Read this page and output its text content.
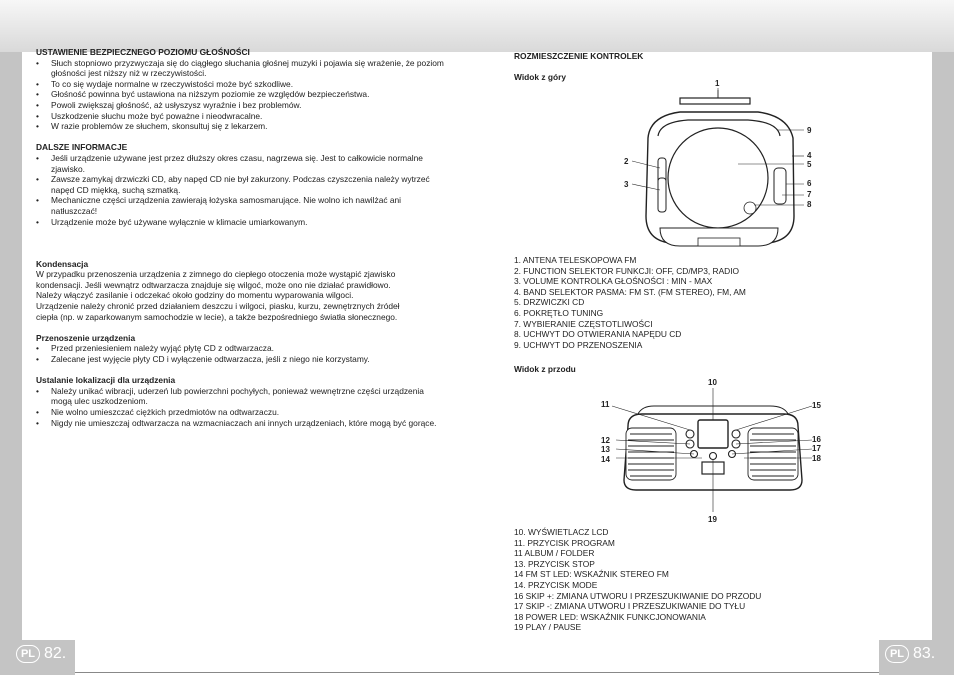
PL 82.	PL 83.

USTAWIENIE BEZPIECZNEGO POZIOMU GŁOŚNOŚCI

• Słuch stopniowo przyzwyczaja się do ciągłego słuchania głośnej muzyki i pojawia się wrażenie, że poziom głośności jest niższy niż w rzeczywistości.
• To co się wydaje normalne w rzeczywistości może być szkodliwe.
• Głośność powinna być ustawiona na niższym poziomie ze względów bezpieczeństwa.
• Powoli zwiększaj głośność, aż usłyszysz wyraźnie i bez problemów.
• Uszkodzenie słuchu może być poważne i nieodwracalne.
• W razie problemów ze słuchem, skonsultuj się z lekarzem.

DALSZE INFORMACJE

• Jeśli urządzenie używane jest przez dłuższy okres czasu, nagrzewa się. Jest to całkowicie normalne zjawisko.
• Zawsze zamykaj drzwiczki CD, aby napęd CD nie był zakurzony. Podczas czyszczenia należy wytrzeć napęd CD miękką, suchą szmatką.
• Mechaniczne części urządzenia zawierają łożyska samosmarujące. Nie wolno ich nawilżać ani natłuszczać!
• Urządzenie może być używane wyłącznie w klimacie umiarkowanym.

Kondensacja

W przypadku przenoszenia urządzenia z zimnego do ciepłego otoczenia może wystąpić zjawisko

kondensacji. Jeśli wewnątrz odtwarzacza znajduje się wilgoć, może ono nie działać prawidłowo.

Należy włączyć zasilanie i odczekać około godziny do momentu wyparowania wilgoci.

Urządzenie należy chronić przed działaniem deszczu i wilgoci, piasku, kurzu, zewnętrznych źródeł

ciepła (np. w zaparkowanym samochodzie w lecie), a także bezpośredniego światła słonecznego.

Przenoszenie urządzenia

• Przed przeniesieniem należy wyjąć płytę CD z odtwarzacza.
• Zalecane jest wyjęcie płyty CD i wyłączenie odtwarzacza, jeśli z niego nie korzystamy.

Ustalanie lokalizacji dla urządzenia

• Należy unikać wibracji, uderzeń lub powierzchni pochyłych, ponieważ wewnętrzne części urządzenia mogą ulec uszkodzeniom.
• Nie wolno umieszczać ciężkich przedmiotów na odtwarzaczu.
• Nigdy nie umieszczaj odtwarzacza na wzmacniaczach ani innych urządzeniach, które mogą być gorące.

ROZMIESZCZENIE KONTROLEK

Widok z góry

1. ANTENA TELESKOPOWA FM
2. FUNCTION SELEKTOR FUNKCJI: OFF, CD/MP3, RADIO
3. VOLUME KONTROLKA GŁOŚNOŚCI : MIN - MAX
4. BAND SELEKTOR PASMA: FM ST. (FM STEREO), FM, AM
5. DRZWICZKI CD
6. POKRĘTŁO TUNING
7. WYBIERANIE CZĘSTOTLIWOŚCI
8. UCHWYT DO OTWIERANIA NAPĘDU CD
9. UCHWYT DO PRZENOSZENIA

Widok z przodu

10. WYŚWIETLACZ LCD
11. PRZYCISK PROGRAM
11 ALBUM / FOLDER
13. PRZYCISK STOP
14 FM ST LED: WSKAŹNIK STEREO FM
14. PRZYCISK MODE
16 SKIP +: ZMIANA UTWORU I PRZESZUKIWANIE DO PRZODU
17 SKIP -: ZMIANA UTWORU I PRZESZUKIWANIE DO TYŁU
18 POWER LED: WSKAŹNIK FUNKCJONOWANIA
19 PLAY / PAUSE
1
2
3
4
5
6
7
8
9
10
11
12
13
14
15
16
17
18
19
